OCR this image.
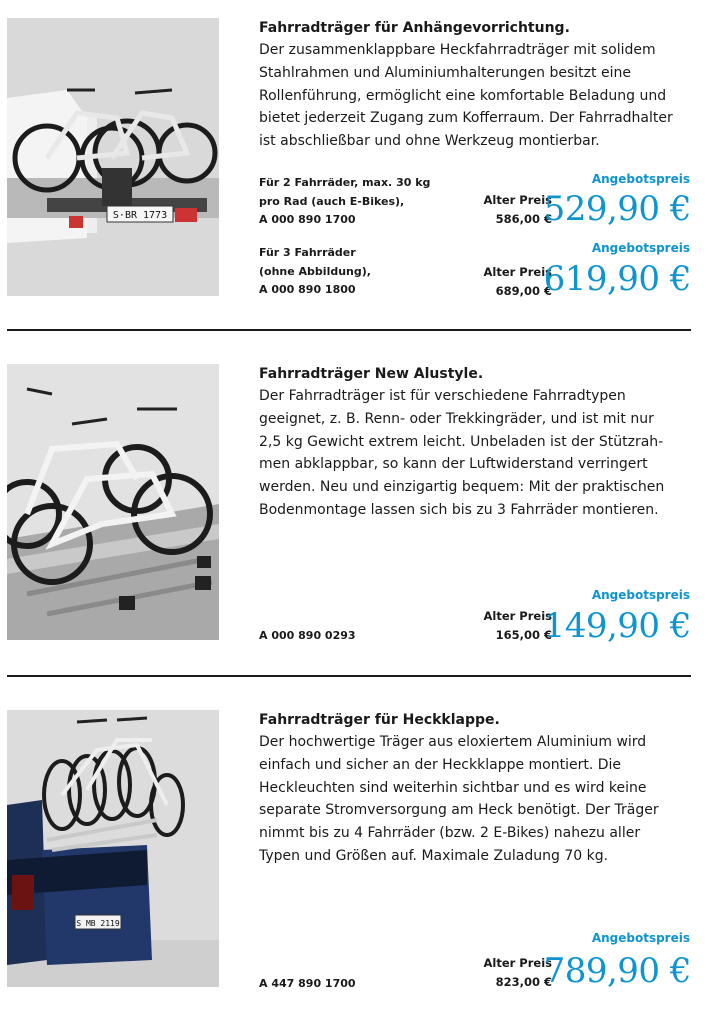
S·BR 1773
Fahrradträger für Anhängevorrichtung.
Der zusammenklappbare Heckfahrradträger mit solidem
Stahlrahmen und Aluminiumhalterungen besitzt eine
Rollenführung, ermöglicht eine komfortable Beladung und
bietet jederzeit Zugang zum Kofferraum. Der Fahrradhalter
ist abschließbar und ohne Werkzeug montierbar.
Für 2 Fahrräder, max. 30 kg
pro Rad (auch E-Bikes),
A 000 890 1700
Alter Preis
586,00 €
Angebotspreis
529,90 €
Für 3 Fahrräder
(ohne Abbildung),
A 000 890 1800
Alter Preis
689,00 €
Angebotspreis
619,90 €
Fahrradträger New Alustyle.
Der Fahrradträger ist für verschiedene Fahrradtypen
geeignet, z. B. Renn- oder Trekkingräder, und ist mit nur
2,5 kg Gewicht extrem leicht. Unbeladen ist der Stützrah-
men abklappbar, so kann der Luftwiderstand verringert
werden. Neu und einzigartig bequem: Mit der praktischen
Bodenmontage lassen sich bis zu 3 Fahrräder montieren.
A 000 890 0293
Alter Preis
165,00 €
Angebotspreis
149,90 €
S MB 2119
Fahrradträger für Heckklappe.
Der hochwertige Träger aus eloxiertem Aluminium wird
einfach und sicher an der Heckklappe montiert. Die
Heckleuchten sind weiterhin sichtbar und es wird keine
separate Stromversorgung am Heck benötigt. Der Träger
nimmt bis zu 4 Fahrräder (bzw. 2 E-Bikes) nahezu aller
Typen und Größen auf. Maximale Zuladung 70 kg.
A 447 890 1700
Alter Preis
823,00 €
Angebotspreis
789,90 €
